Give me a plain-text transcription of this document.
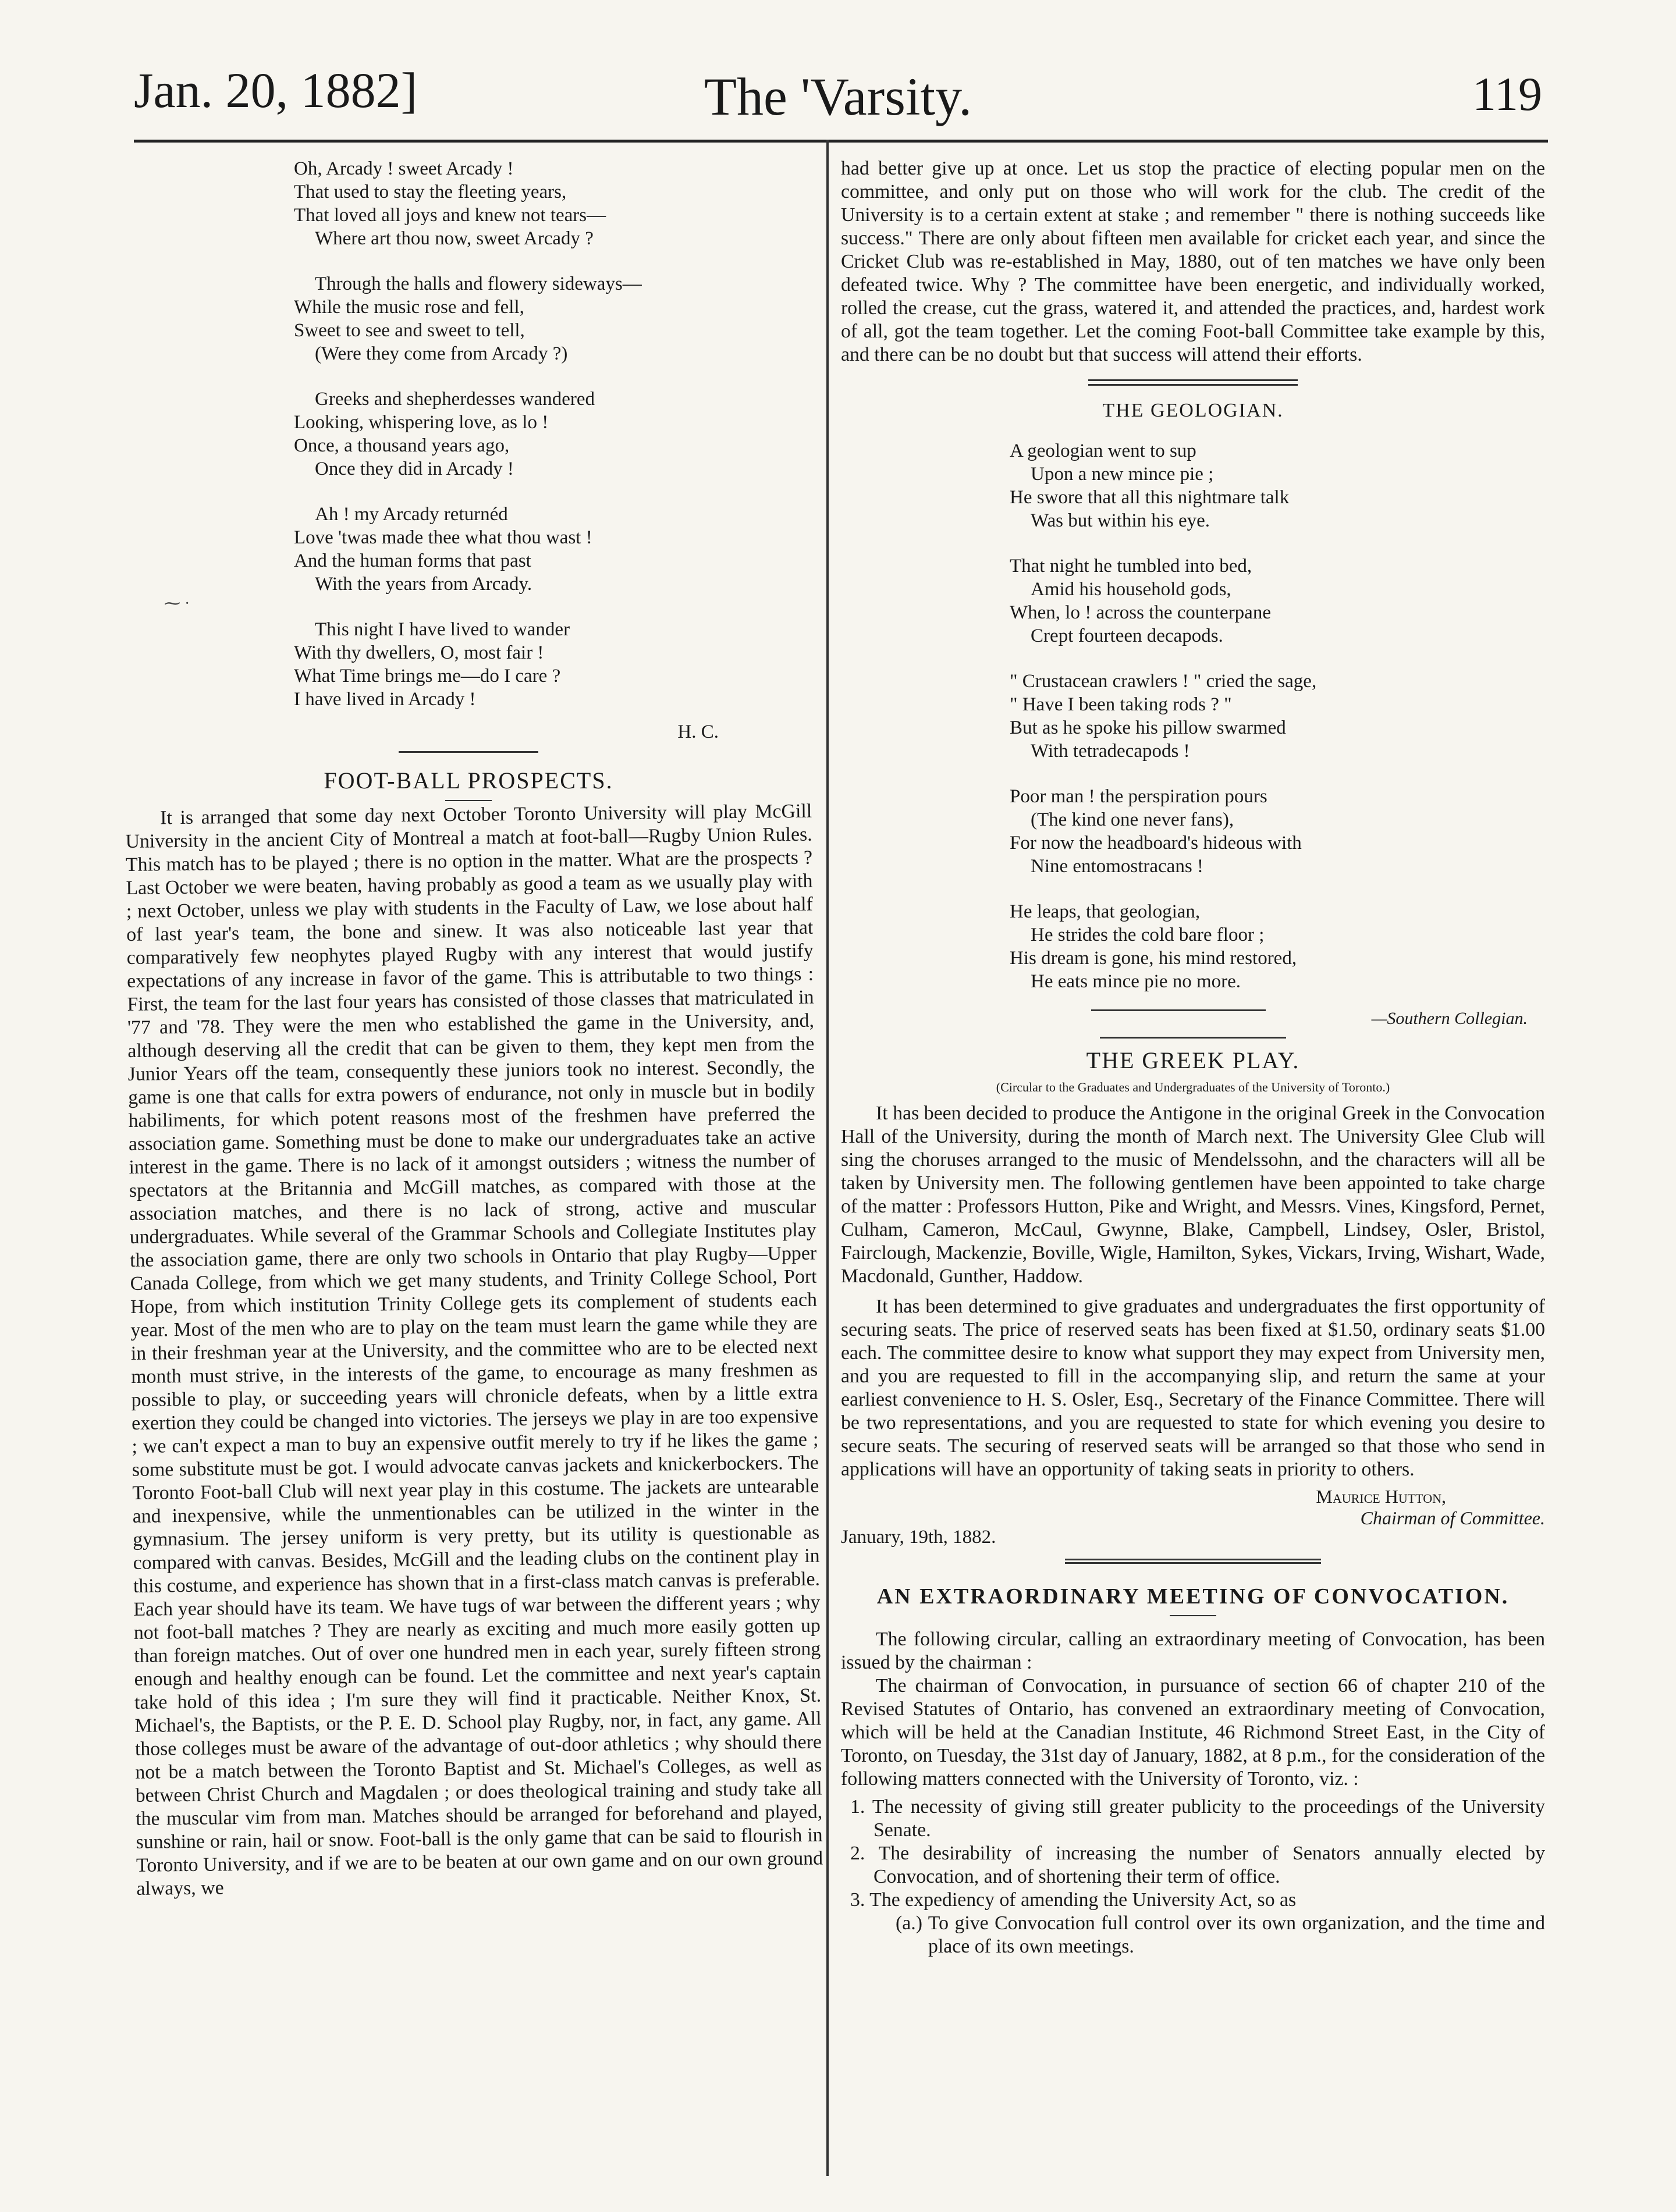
Jan. 20, 1882]	The 'Varsity.	119
⁓ ·
Oh, Arcady ! sweet Arcady !
That used to stay the fleeting years,
That loved all joys and knew not tears—
Where art thou now, sweet Arcady ?
Through the halls and flowery sideways—
While the music rose and fell,
Sweet to see and sweet to tell,
(Were they come from Arcady ?)
Greeks and shepherdesses wandered
Looking, whispering love, as lo !
Once, a thousand years ago,
Once they did in Arcady !
Ah ! my Arcady returnéd
Love 'twas made thee what thou wast !
And the human forms that past
With the years from Arcady.
This night I have lived to wander
With thy dwellers, O, most fair !
What Time brings me—do I care ?
I have lived in Arcady !
H. C.
FOOT-BALL PROSPECTS.

It is arranged that some day next October Toronto University will play McGill University in the ancient City of Montreal a match at foot-ball—Rugby Union Rules. This match has to be played ; there is no option in the matter. What are the prospects ? Last October we were beaten, having probably as good a team as we usually play with ; next October, unless we play with students in the Faculty of Law, we lose about half of last year's team, the bone and sinew. It was also noticeable last year that comparatively few neophytes played Rugby with any interest that would justify expectations of any increase in favor of the game. This is attributable to two things : First, the team for the last four years has consisted of those classes that matriculated in '77 and '78. They were the men who established the game in the University, and, although deserving all the credit that can be given to them, they kept men from the Junior Years off the team, consequently these juniors took no interest. Secondly, the game is one that calls for extra powers of endurance, not only in muscle but in bodily habiliments, for which potent reasons most of the freshmen have preferred the association game. Something must be done to make our undergraduates take an active interest in the game. There is no lack of it amongst outsiders ; witness the number of spectators at the Britannia and McGill matches, as compared with those at the association matches, and there is no lack of strong, active and muscular undergraduates. While several of the Grammar Schools and Collegiate Institutes play the association game, there are only two schools in Ontario that play Rugby—Upper Canada College, from which we get many students, and Trinity College School, Port Hope, from which institution Trinity College gets its complement of students each year. Most of the men who are to play on the team must learn the game while they are in their freshman year at the University, and the committee who are to be elected next month must strive, in the interests of the game, to encourage as many freshmen as possible to play, or succeeding years will chronicle defeats, when by a little extra exertion they could be changed into victories. The jerseys we play in are too expensive ; we can't expect a man to buy an expensive outfit merely to try if he likes the game ; some substitute must be got. I would advocate canvas jackets and knickerbockers. The Toronto Foot-ball Club will next year play in this costume. The jackets are untearable and inexpensive, while the unmentionables can be utilized in the winter in the gymnasium. The jersey uniform is very pretty, but its utility is questionable as compared with canvas. Besides, McGill and the leading clubs on the continent play in this costume, and experience has shown that in a first-class match canvas is preferable. Each year should have its team. We have tugs of war between the different years ; why not foot-ball matches ? They are nearly as exciting and much more easily gotten up than foreign matches. Out of over one hundred men in each year, surely fifteen strong enough and healthy enough can be found. Let the committee and next year's captain take hold of this idea ; I'm sure they will find it practicable. Neither Knox, St. Michael's, the Baptists, or the P. E. D. School play Rugby, nor, in fact, any game. All those colleges must be aware of the advantage of out-door athletics ; why should there not be a match between the Toronto Baptist and St. Michael's Colleges, as well as between Christ Church and Magdalen ; or does theological training and study take all the muscular vim from man. Matches should be arranged for beforehand and played, sunshine or rain, hail or snow. Foot-ball is the only game that can be said to flourish in Toronto University, and if we are to be beaten at our own game and on our own ground always, we

had better give up at once. Let us stop the practice of electing popular men on the committee, and only put on those who will work for the club. The credit of the University is to a certain extent at stake ; and remember " there is nothing succeeds like success." There are only about fifteen men available for cricket each year, and since the Cricket Club was re-established in May, 1880, out of ten matches we have only been defeated twice. Why ? The committee have been energetic, and individually worked, rolled the crease, cut the grass, watered it, and attended the practices, and, hardest work of all, got the team together. Let the coming Foot-ball Committee take example by this, and there can be no doubt but that success will attend their efforts.

THE GEOLOGIAN.
A geologian went to sup
Upon a new mince pie ;
He swore that all this nightmare talk
Was but within his eye.
That night he tumbled into bed,
Amid his household gods,
When, lo ! across the counterpane
Crept fourteen decapods.
" Crustacean crawlers ! " cried the sage,
" Have I been taking rods ? "
But as he spoke his pillow swarmed
With tetradecapods !
Poor man ! the perspiration pours
(The kind one never fans),
For now the headboard's hideous with
Nine entomostracans !
He leaps, that geologian,
He strides the cold bare floor ;
His dream is gone, his mind restored,
He eats mince pie no more.
—Southern Collegian.
THE GREEK PLAY.
(Circular to the Graduates and Undergraduates of the University of Toronto.)

It has been decided to produce the Antigone in the original Greek in the Convocation Hall of the University, during the month of March next. The University Glee Club will sing the choruses arranged to the music of Mendelssohn, and the characters will all be taken by University men. The following gentlemen have been appointed to take charge of the matter : Professors Hutton, Pike and Wright, and Messrs. Vines, Kingsford, Pernet, Culham, Cameron, McCaul, Gwynne, Blake, Campbell, Lindsey, Osler, Bristol, Fairclough, Mackenzie, Boville, Wigle, Hamilton, Sykes, Vickars, Irving, Wishart, Wade, Macdonald, Gunther, Haddow.

It has been determined to give graduates and undergraduates the first opportunity of securing seats. The price of reserved seats has been fixed at $1.50, ordinary seats $1.00 each. The committee desire to know what support they may expect from University men, and you are requested to fill in the accompanying slip, and return the same at your earliest convenience to H. S. Osler, Esq., Secretary of the Finance Committee. There will be two representations, and you are requested to state for which evening you desire to secure seats. The securing of reserved seats will be arranged so that those who send in applications will have an opportunity of taking seats in priority to others.

Maurice Hutton,
Chairman of Committee.
January, 19th, 1882.
AN EXTRAORDINARY MEETING OF CONVOCATION.

The following circular, calling an extraordinary meeting of Convocation, has been issued by the chairman :

The chairman of Convocation, in pursuance of section 66 of chapter 210 of the Revised Statutes of Ontario, has convened an extraordinary meeting of Convocation, which will be held at the Canadian Institute, 46 Richmond Street East, in the City of Toronto, on Tuesday, the 31st day of January, 1882, at 8 p.m., for the consideration of the following matters connected with the University of Toronto, viz. :

1. The necessity of giving still greater publicity to the proceedings of the University Senate.
2. The desirability of increasing the number of Senators annually elected by Convocation, and of shortening their term of office.
3. The expediency of amending the University Act, so as
(a.) To give Convocation full control over its own organization, and the time and place of its own meetings.
